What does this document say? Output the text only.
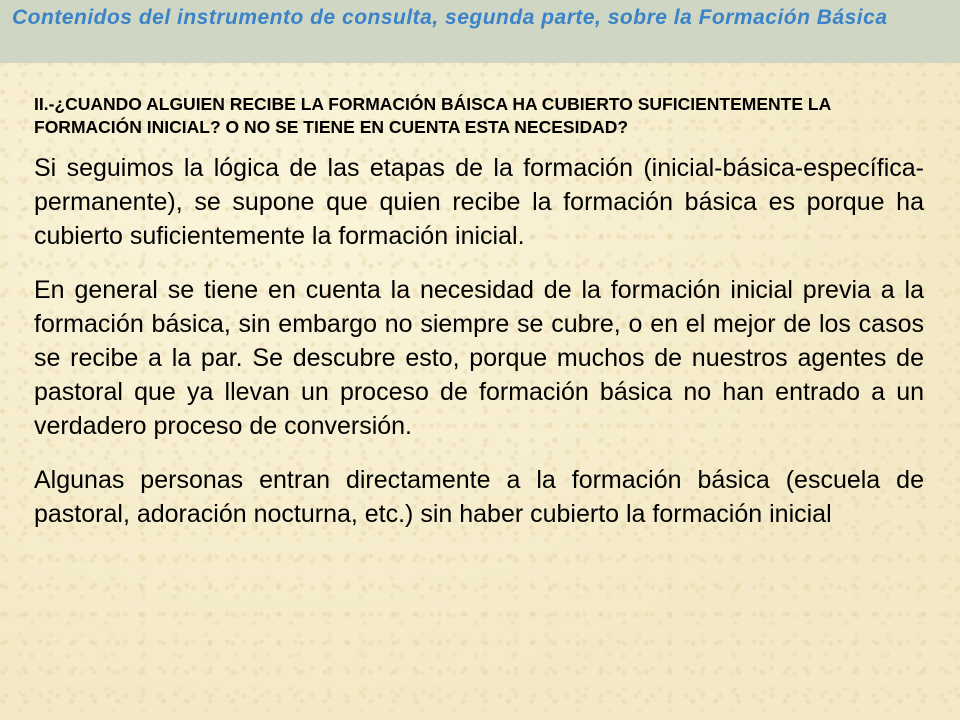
Contenidos del instrumento de consulta, segunda parte, sobre la Formación Básica

II.-¿CUANDO ALGUIEN RECIBE LA FORMACIÓN BÁISCA HA CUBIERTO SUFICIENTEMENTE LA FORMACIÓN INICIAL? O NO SE TIENE EN CUENTA ESTA NECESIDAD?

Si seguimos la lógica de las etapas de la formación (inicial-básica-específica-permanente), se supone que quien recibe la formación básica es porque ha cubierto suficientemente la formación inicial.

En general se tiene en cuenta la necesidad de la formación inicial previa a la formación básica, sin embargo no siempre se cubre, o en el mejor de los casos se recibe a la par. Se descubre esto, porque muchos de nuestros agentes de pastoral que ya llevan un proceso de formación básica no han entrado a un verdadero proceso de conversión.

Algunas personas entran directamente a la formación básica (escuela de pastoral, adoración nocturna, etc.) sin haber cubierto la formación inicial
